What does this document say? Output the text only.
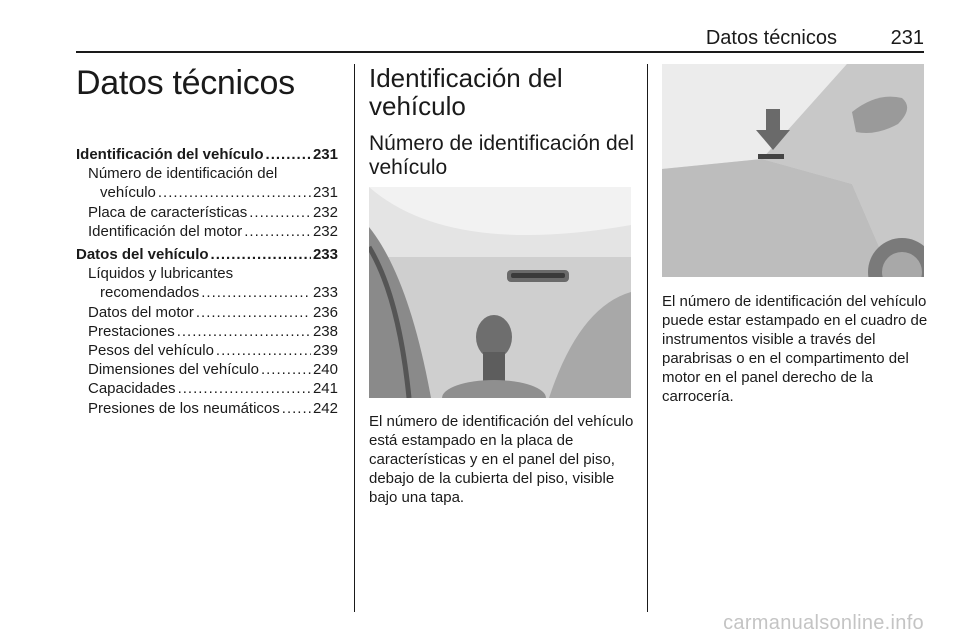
Datos técnicos	231
Datos técnicos
Identificación del vehículo .....	231
Número de identificación del
vehículo .....	231
Placa de características .....	232
Identificación del motor .....	232
Datos del vehículo .....	233
Líquidos y lubricantes
recomendados .....	233
Datos del motor .....	236
Prestaciones .....	238
Pesos del vehículo .....	239
Dimensiones del vehículo .....	240
Capacidades .....	241
Presiones de los neumáticos ..... 242
Identificación del vehículo
Número de identificación del vehículo
El número de identificación del vehículo está estampado en la placa de características y en el panel del piso, debajo de la cubierta del piso, visible bajo una tapa.
El número de identificación del vehículo puede estar estampado en el cuadro de instrumentos visible a través del parabrisas o en el compartimento del motor en el panel derecho de la carrocería.
carmanualsonline.info
